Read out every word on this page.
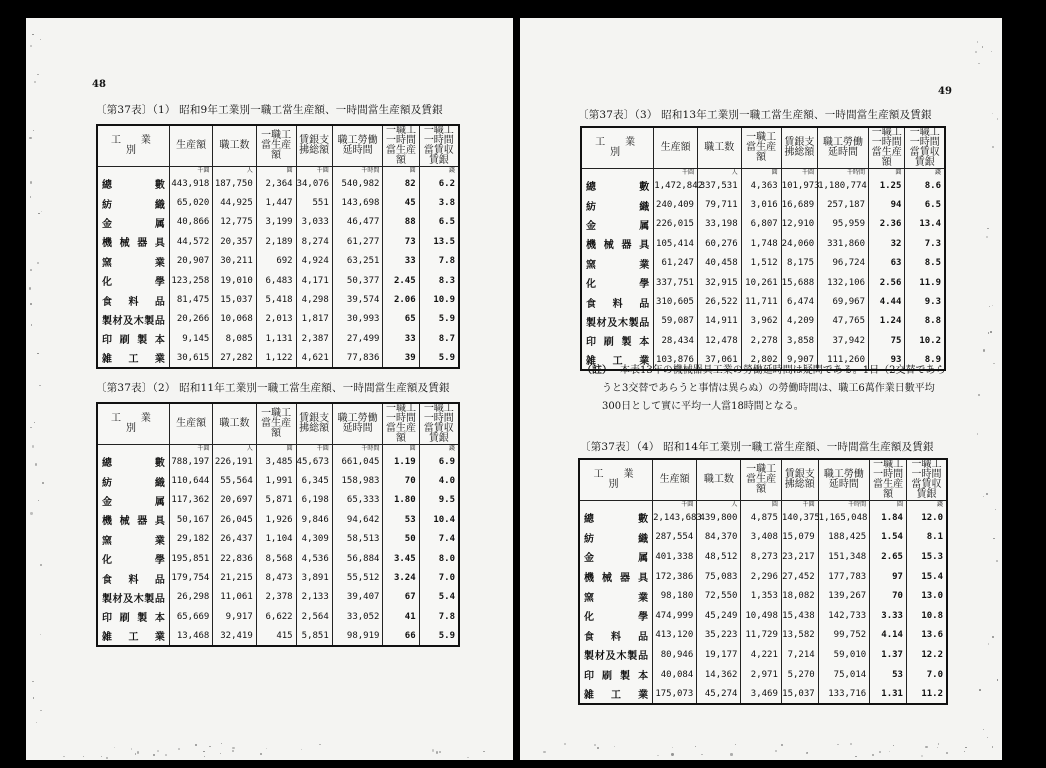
48
〔第37表〕（1） 昭和9年工業別一職工當生産額、一時間當生産額及賃銀
工　業　別	生産額	職工数	一職工當生産額	賃銀支拂総額	職工勞働延時間	一職工一時間當生産額	一職工一時間當賃収賃銀
	千圓	人	圓	千圓	千時間	圓	錢
總　　　　數	443,918	187,750	2,364	34,076	540,982	82	6.2
紡　　　　織	65,020	44,925	1,447	551	143,698	45	3.8
金　　　　属	40,866	12,775	3,199	3,033	46,477	88	6.5
機械器具	44,572	20,357	2,189	8,274	61,277	73	13.5
窯　　　　業	20,907	30,211	692	4,924	63,251	33	7.8
化　　　　學	123,258	19,010	6,483	4,171	50,377	2.45	8.3
食　料　品	81,475	15,037	5,418	4,298	39,574	2.06	10.9
製材及木製品	20,266	10,068	2,013	1,817	30,993	65	5.9
印刷製本	9,145	8,085	1,131	2,387	27,499	33	8.7
雑　工　業	30,615	27,282	1,122	4,621	77,836	39	5.9
〔第37表〕（2） 昭和11年工業別一職工當生産額、一時間當生産額及賃銀
工　業　別	生産額	職工数	一職工當生産額	賃銀支拂総額	職工勞働延時間	一職工一時間當生産額	一職工一時間當賃収賃銀
	千圓	人	圓	千圓	千時間	圓	錢
總　　　　數	788,197	226,191	3,485	45,673	661,045	1.19	6.9
紡　　　　織	110,644	55,564	1,991	6,345	158,983	70	4.0
金　　　　属	117,362	20,697	5,871	6,198	65,333	1.80	9.5
機械器具	50,167	26,045	1,926	9,846	94,642	53	10.4
窯　　　　業	29,182	26,437	1,104	4,309	58,513	50	7.4
化　　　　學	195,851	22,836	8,568	4,536	56,884	3.45	8.0
食　料　品	179,754	21,215	8,473	3,891	55,512	3.24	7.0
製材及木製品	26,298	11,061	2,378	2,133	39,407	67	5.4
印刷製本	65,669	9,917	6,622	2,564	33,052	41	7.8
雑　工　業	13,468	32,419	415	5,851	98,919	66	5.9
49
〔第37表〕（3） 昭和13年工業別一職工當生産額、一時間當生産額及賃銀
工　業　別	生産額	職工数	一職工當生産額	賃銀支拂総額	職工勞働延時間	一職工一時間當生産額	一職工一時間當賃収賃銀
	千圓	人	圓	千圓	千時間	圓	錢
總　　　　數	1,472,842	337,531	4,363	101,973	1,180,774	1.25	8.6
紡　　　　織	240,409	79,711	3,016	16,689	257,187	94	6.5
金　　　　属	226,015	33,198	6,807	12,910	95,959	2.36	13.4
機械器具	105,414	60,276	1,748	24,060	331,860	32	7.3
窯　　　　業	61,247	40,458	1,512	8,175	96,724	63	8.5
化　　　　學	337,751	32,915	10,261	15,688	132,106	2.56	11.9
食　料　品	310,605	26,522	11,711	6,474	69,967	4.44	9.3
製材及木製品	59,087	14,911	3,962	4,209	47,765	1.24	8.8
印刷製本	28,434	12,478	2,278	3,858	37,942	75	10.2
雑　工　業	103,876	37,061	2,802	9,907	111,260	93	8.9
（註） 本表13年の機械器具工業の勞働延時間は疑問である。1日（2交替であら
うと3交替であらうと事情は異らぬ）の勞働時間は、職工6萬作業日數平均
300日として實に平均一人當18時間となる。
〔第37表〕（4） 昭和14年工業別一職工當生産額、一時間當生産額及賃銀
工　業　別	生産額	職工数	一職工當生産額	賃銀支拂総額	職工勞働延時間	一職工一時間當生産額	一職工一時間當賃収賃銀
	千圓	人	圓	千圓	千時間	圓	錢
總　　　　數	2,143,683	439,800	4,875	140,375	1,165,048	1.84	12.0
紡　　　　織	287,554	84,370	3,408	15,079	188,425	1.54	8.1
金　　　　属	401,338	48,512	8,273	23,217	151,348	2.65	15.3
機械器具	172,386	75,083	2,296	27,452	177,783	97	15.4
窯　　　　業	98,180	72,550	1,353	18,082	139,267	70	13.0
化　　　　學	474,999	45,249	10,498	15,438	142,733	3.33	10.8
食　料　品	413,120	35,223	11,729	13,582	99,752	4.14	13.6
製材及木製品	80,946	19,177	4,221	7,214	59,010	1.37	12.2
印刷製本	40,084	14,362	2,971	5,270	75,014	53	7.0
雑　工　業	175,073	45,274	3,469	15,037	133,716	1.31	11.2
